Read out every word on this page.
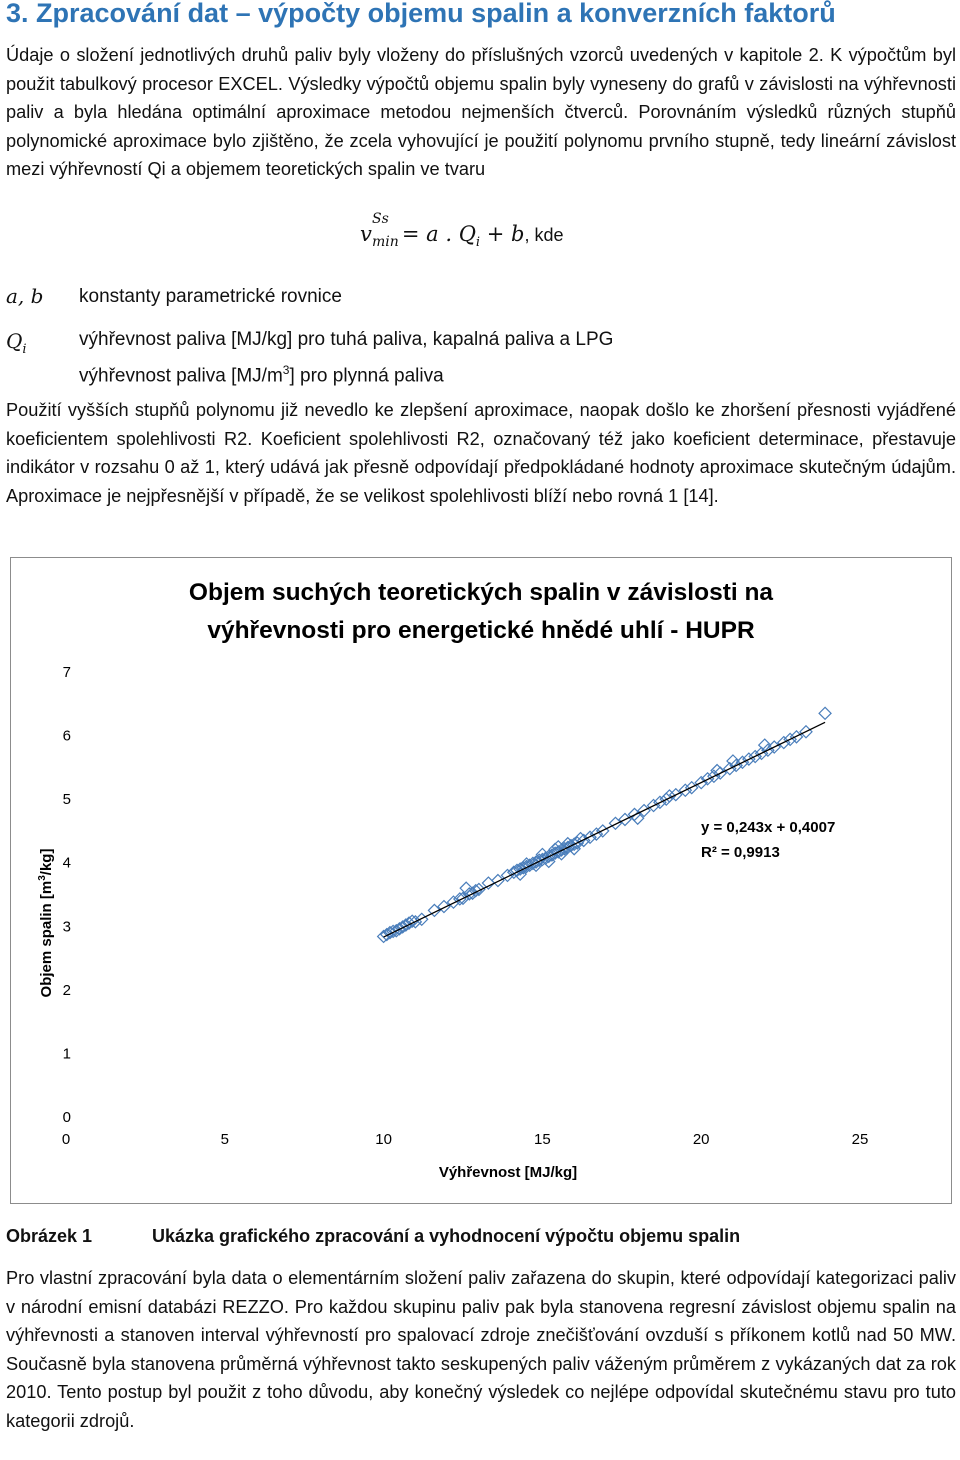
3. Zpracování dat – výpočty objemu spalin a konverzních faktorů

Údaje o složení jednotlivých druhů paliv byly vloženy do příslušných vzorců uvedených v kapitole 2. K výpočtům byl použit tabulkový procesor EXCEL. Výsledky výpočtů objemu spalin byly vyneseny do grafů v závislosti na výhřevnosti paliv a byla hledána optimální aproximace metodou nejmenších čtverců. Porovnáním výsledků různých stupňů polynomické aproximace bylo zjištěno, že zcela vyhovující je použití polynomu prvního stupně, tedy lineární závislost mezi výhřevností Qi a objemem teoretických spalin ve tvaru

v
Ss
min = a . $Q_i + b$, kde
a, b konstanty parametrické rovnice
$Q_i$	výhřevnost paliva [MJ/kg] pro tuhá paliva, kapalná paliva a LPG
výhřevnost paliva $[MJ/m^3]$ pro plynná paliva

Použití vyšších stupňů polynomu již nevedlo ke zlepšení aproximace, naopak došlo ke zhoršení přesnosti vyjádřené koeficientem spolehlivosti R2. Koeficient spolehlivosti R2, označovaný též jako koeficient determinace, přestavuje indikátor v rozsahu 0 až 1, který udává jak přesně odpovídají předpokládané hodnoty aproximace skutečným údajům. Aproximace je nejpřesnější v případě, že se velikost spolehlivosti blíží nebo rovná 1 [14].

Objem suchých teoretických spalin v závislosti na
výhřevnosti pro energetické hnědé uhlí - HUPR
Výhřevnost [MJ/kg]
Objem spalin $[m^3/kg]$
0	5	10	15	20	25
0
1
2
3
4
5
6
7
y = 0,243x + 0,4007
R² = 0,9913
Obrázek 1	Ukázka grafického zpracování a vyhodnocení výpočtu objemu spalin

Pro vlastní zpracování byla data o elementárním složení paliv zařazena do skupin, které odpovídají kategorizaci paliv v národní emisní databázi REZZO. Pro každou skupinu paliv pak byla stanovena regresní závislost objemu spalin na výhřevnosti a stanoven interval výhřevností pro spalovací zdroje znečišťování ovzduší s příkonem kotlů nad 50 MW. Současně byla stanovena průměrná výhřevnost takto seskupených paliv váženým průměrem z vykázaných dat za rok 2010. Tento postup byl použit z toho důvodu, aby konečný výsledek co nejlépe odpovídal skutečnému stavu pro tuto kategorii zdrojů.
